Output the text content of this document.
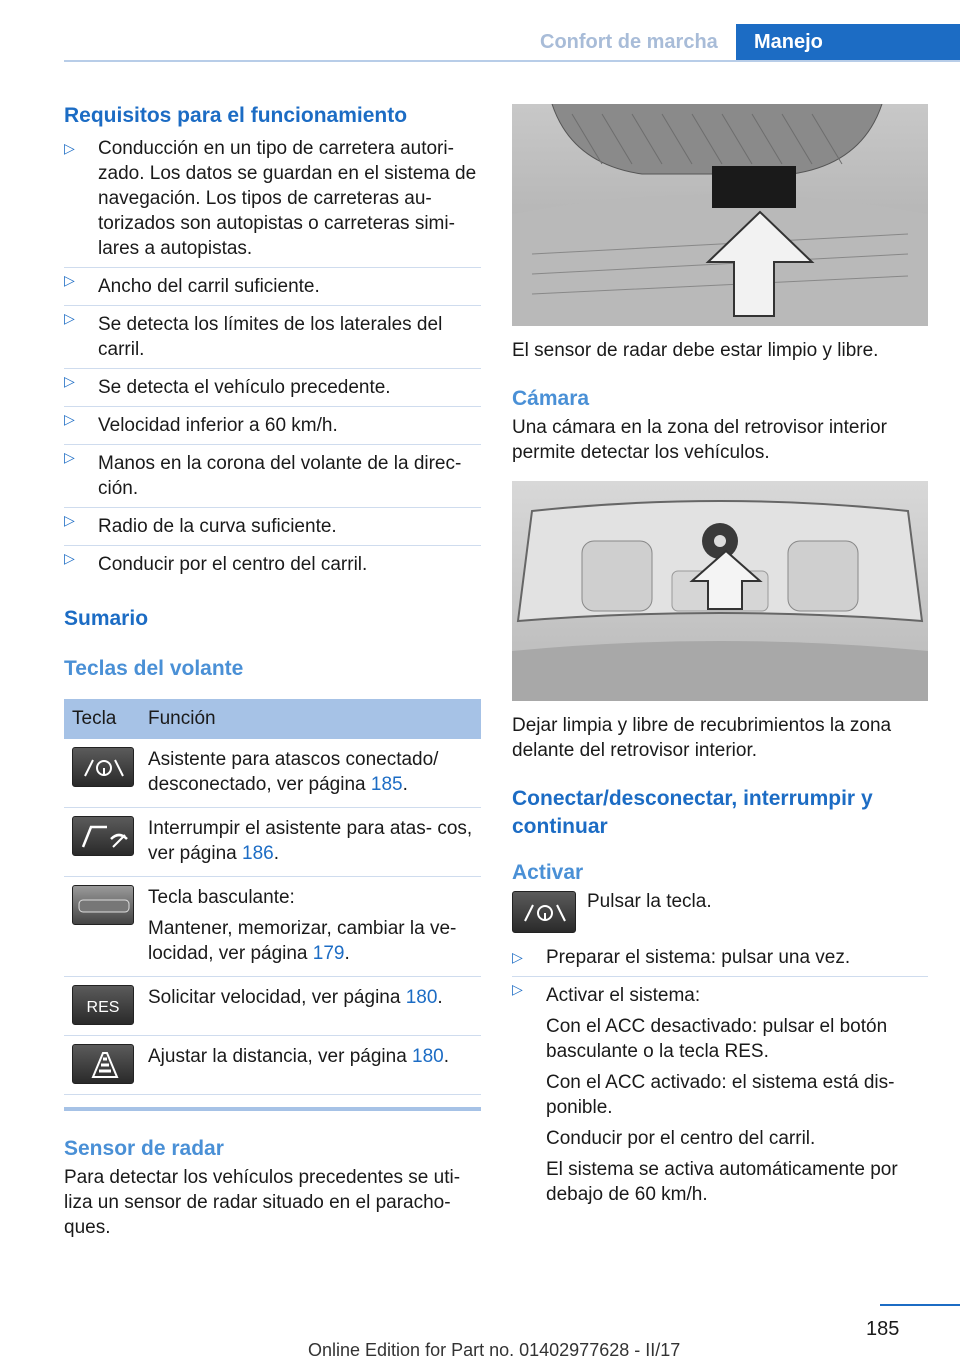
Confort de marcha	Manejo
Requisitos para el funcionamiento
▷ Conducción en un tipo de carretera autori‐ zado. Los datos se guardan en el sistema de navegación. Los tipos de carreteras au‐ torizados son autopistas o carreteras simi‐ lares a autopistas.
▷ Ancho del carril suficiente.
▷ Se detecta los límites de los laterales del carril.
▷ Se detecta el vehículo precedente.
▷ Velocidad inferior a 60 km/h.
▷ Manos en la corona del volante de la direc‐ ción.
▷ Radio de la curva suficiente.
▷ Conducir por el centro del carril.
Sumario
Teclas del volante
Tecla	Función

	Asistente para atascos conectado/ desconectado, ver página 185.

	Interrumpir el asistente para atas‐ cos, ver página 186.

Tecla basculante:
Mantener, memorizar, cambiar la ve‐ locidad, ver página 179.

RES	Solicitar velocidad, ver página 180.

	Ajustar la distancia, ver página 180.
Sensor de radar
Para detectar los vehículos precedentes se uti‐ liza un sensor de radar situado en el paracho‐ ques.
El sensor de radar debe estar limpio y libre.
Cámara
Una cámara en la zona del retrovisor interior permite detectar los vehículos.
Dejar limpia y libre de recubrimientos la zona delante del retrovisor interior.
Conectar/desconectar, interrumpir y continuar
Activar
Pulsar la tecla.
▷ Preparar el sistema: pulsar una vez.
▷ Activar el sistema:
Con el ACC desactivado: pulsar el botón basculante o la tecla RES.
Con el ACC activado: el sistema está dis‐ ponible.
Conducir por el centro del carril.
El sistema se activa automáticamente por debajo de 60 km/h.
185
Online Edition for Part no. 01402977628 - II/17
